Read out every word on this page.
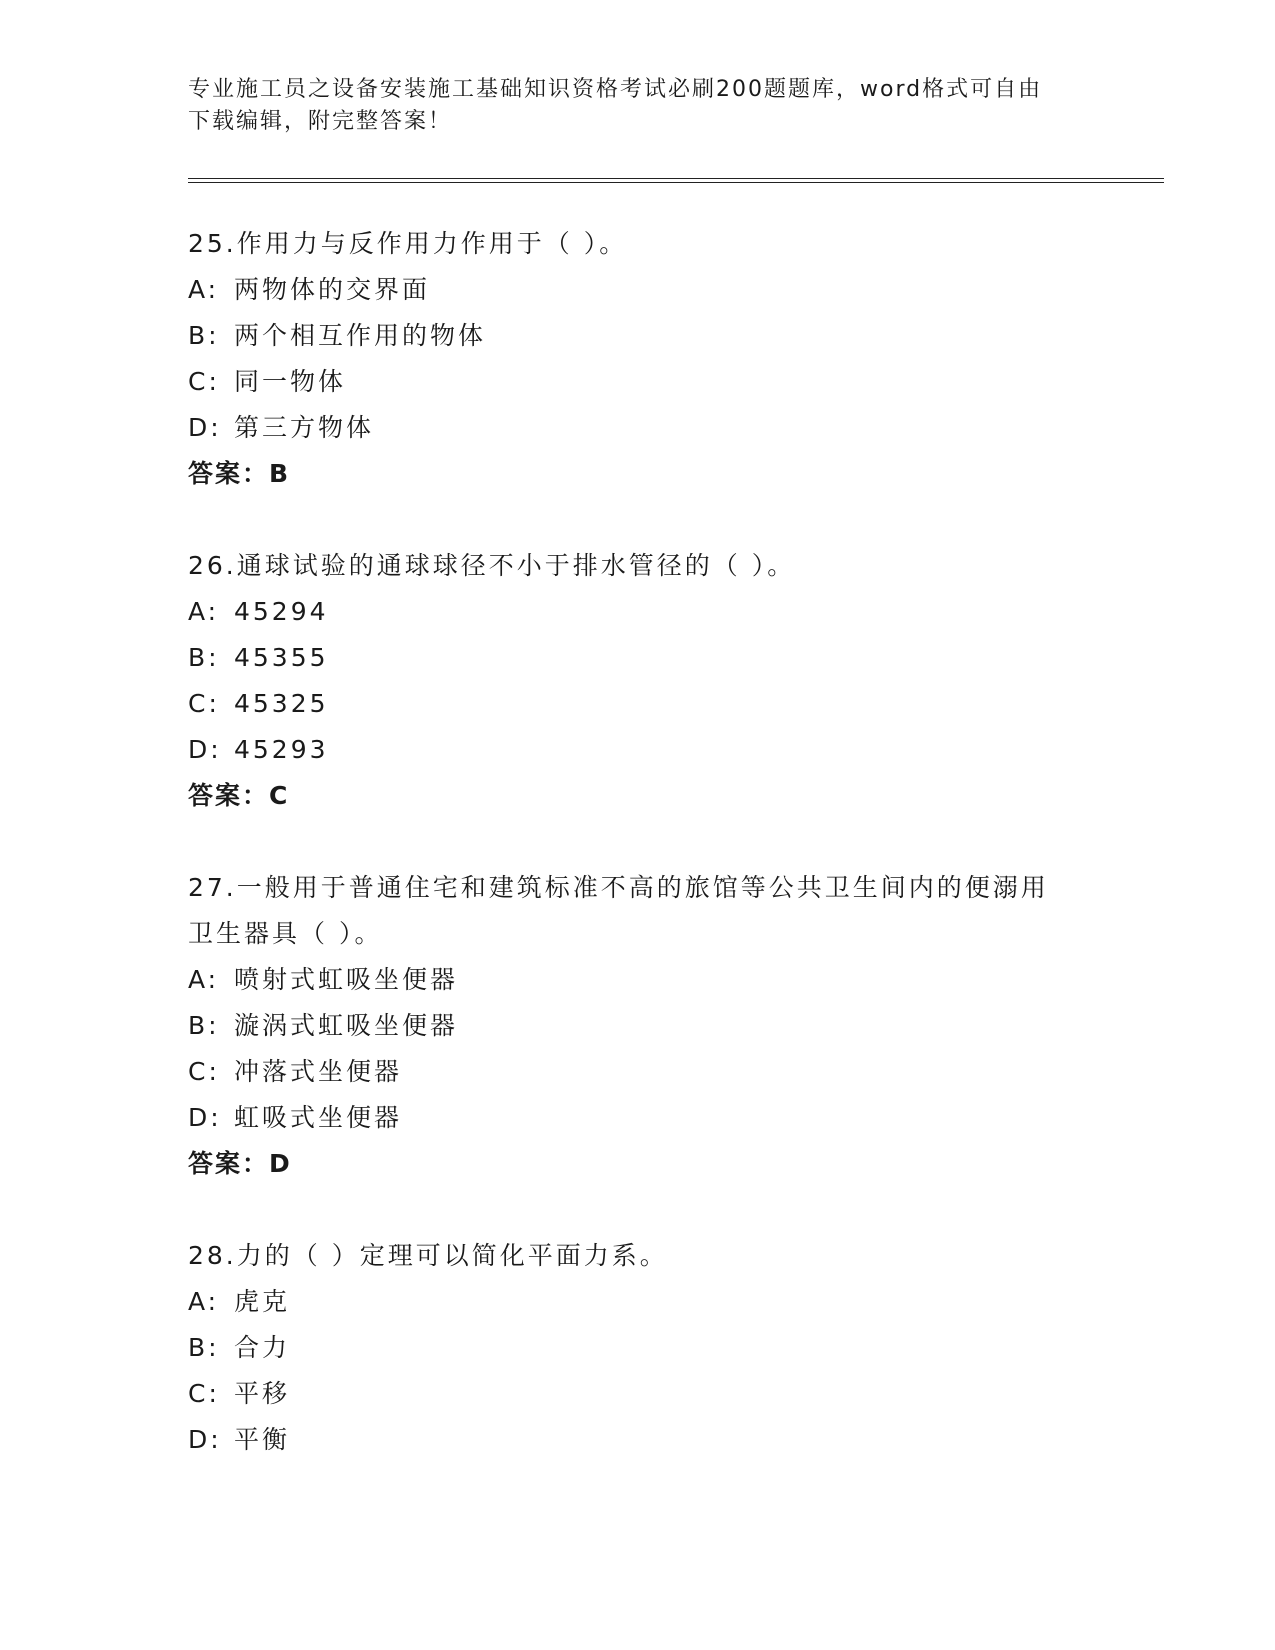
专业施工员之设备安装施工基础知识资格考试必刷200题题库，word格式可自由
下载编辑，附完整答案！
25.作用力与反作用力作用于（ ）。
A: 两物体的交界面
B: 两个相互作用的物体
C: 同一物体
D: 第三方物体
答案：B
26.通球试验的通球球径不小于排水管径的（ ）。
A: 45294
B: 45355
C: 45325
D: 45293
答案：C
27.一般用于普通住宅和建筑标准不高的旅馆等公共卫生间内的便溺用
卫生器具（ ）。
A: 喷射式虹吸坐便器
B: 漩涡式虹吸坐便器
C: 冲落式坐便器
D: 虹吸式坐便器
答案：D
28.力的（ ）定理可以简化平面力系。
A: 虎克
B: 合力
C: 平移
D: 平衡
